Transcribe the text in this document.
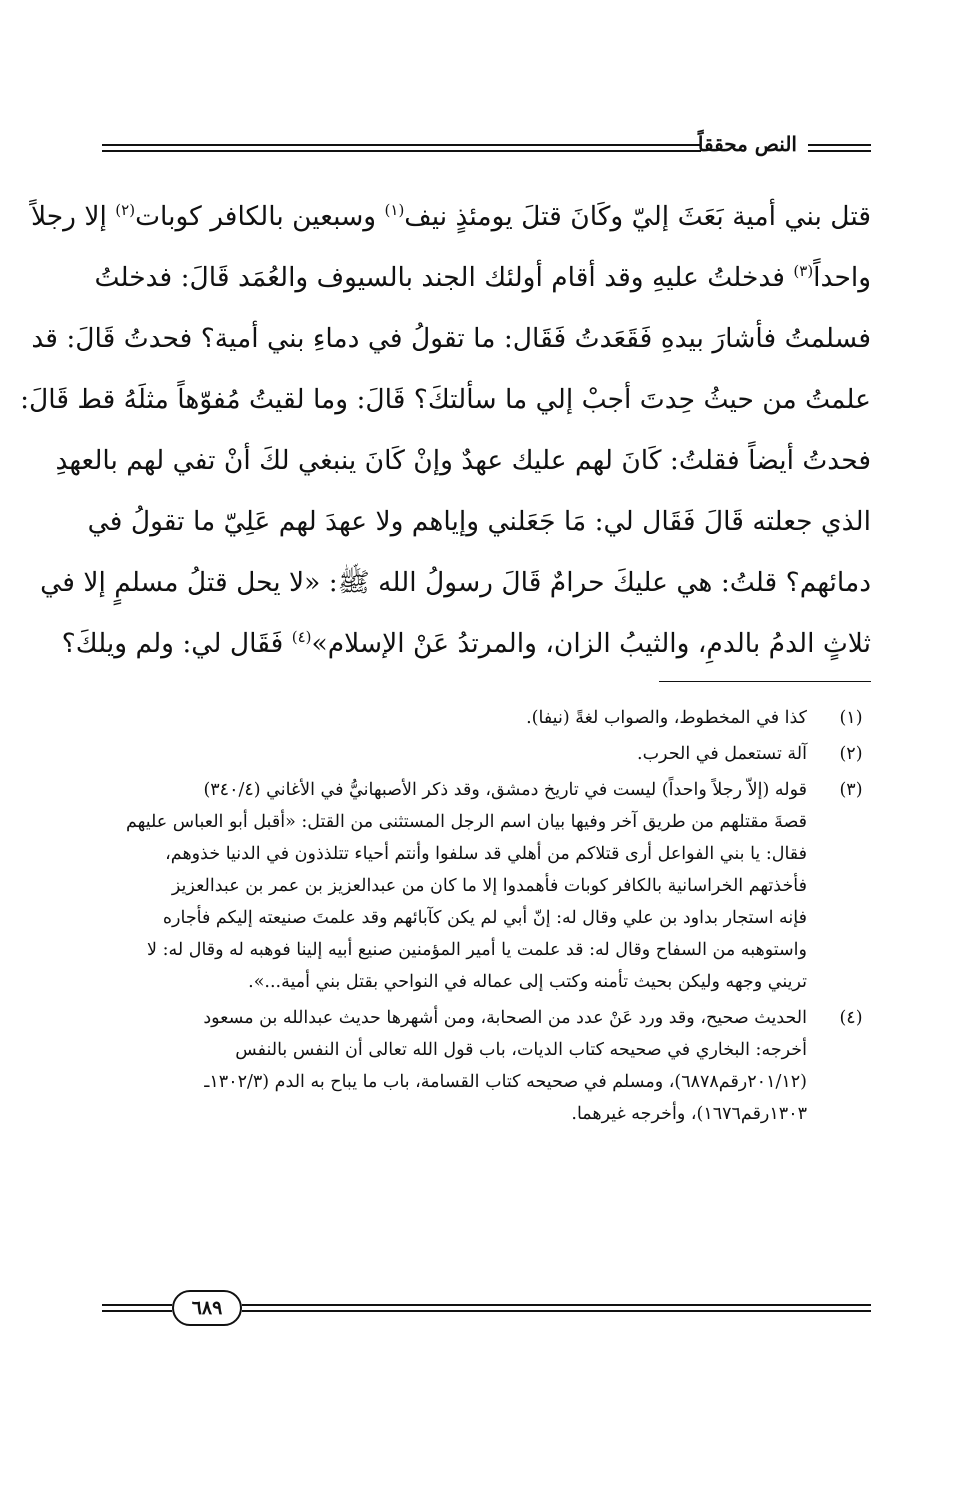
النص محققاً
قتل بني أمية بَعَثَ إليّ وكَانَ قتلَ يومئذٍ نيف$^{(١)}$ وسبعين بالكافر كوبات$^{(٢)}$ إلا رجلاً
واحداً$^{(٣)}$ فدخلتُ عليهِ وقد أقام أولئك الجند بالسيوف والعُمَد قَالَ: فدخلتُ
فسلمتُ فأشارَ بيدهِ فَقَعَدتُ فَقَال: ما تقولُ في دماءِ بني أمية؟ فحدتُ قَالَ: قد
علمتُ من حيثُ حِدتَ أجبْ إلي ما سألتكَ؟ قَالَ: وما لقيتُ مُفوّهاً مثلَهُ قط قَالَ:
فحدتُ أيضاً فقلتُ: كَانَ لهم عليك عهدٌ وإنْ كَانَ ينبغي لكَ أنْ تفي لهم بالعهدِ
الذي جعلته قَالَ فَقَال لي: مَا جَعَلني وإياهم ولا عهدَ لهم عَلِيّ ما تقولُ في
دمائهم؟ قلتُ: هي عليكَ حرامٌ قَالَ رسولُ الله ﷺ: «لا يحل قتلُ مسلمٍ إلا في
ثلاثٍ الدمُ بالدمِ، والثيبُ الزان، والمرتدُ عَنْ الإسلام»$^{(٤)}$ فَقَال لي: ولم ويلكَ؟
(١)
كذا في المخطوط، والصواب لغةً (نيفا).
(٢)
آلة تستعمل في الحرب.
(٣)
قوله (إلاّ رجلاً واحداً) ليست في تاريخ دمشق، وقد ذكر الأصبهانيُّ في الأغاني (٣٤٠/٤)
قصةَ مقتلهم من طريق آخر وفيها بيان اسم الرجل المستثنى من القتل: «أقبل أبو العباس عليهم
فقال: يا بني الفواعل أرى قتلاكم من أهلي قد سلفوا وأنتم أحياء تتلذذون في الدنيا خذوهم،
فأخذتهم الخراسانية بالكافر كوبات فأهمدوا إلا ما كان من عبدالعزيز بن عمر بن عبدالعزيز
فإنه استجار بداود بن علي وقال له: إنّ أبي لم يكن كآبائهم وقد علمتَ صنيعته إليكم فأجاره
واستوهبه من السفاح وقال له: قد علمت يا أمير المؤمنين صنيع أبيه إلينا فوهبه له وقال له: لا
تريني وجهه وليكن بحيث تأمنه وكتب إلى عماله في النواحي بقتل بني أمية...».
(٤)
الحديث صحيح، وقد ورد عَنْ عدد من الصحابة، ومن أشهرها حديث عبدالله بن مسعود
أخرجه: البخاري في صحيحه كتاب الديات، باب قول الله تعالى أن النفس بالنفس
(٢٠١/١٢رقم٦٨٧٨)، ومسلم في صحيحه كتاب القسامة، باب ما يباح به الدم (١٣٠٢/٣ـ
١٣٠٣رقم١٦٧٦)، وأخرجه غيرهما.
٦٨٩
